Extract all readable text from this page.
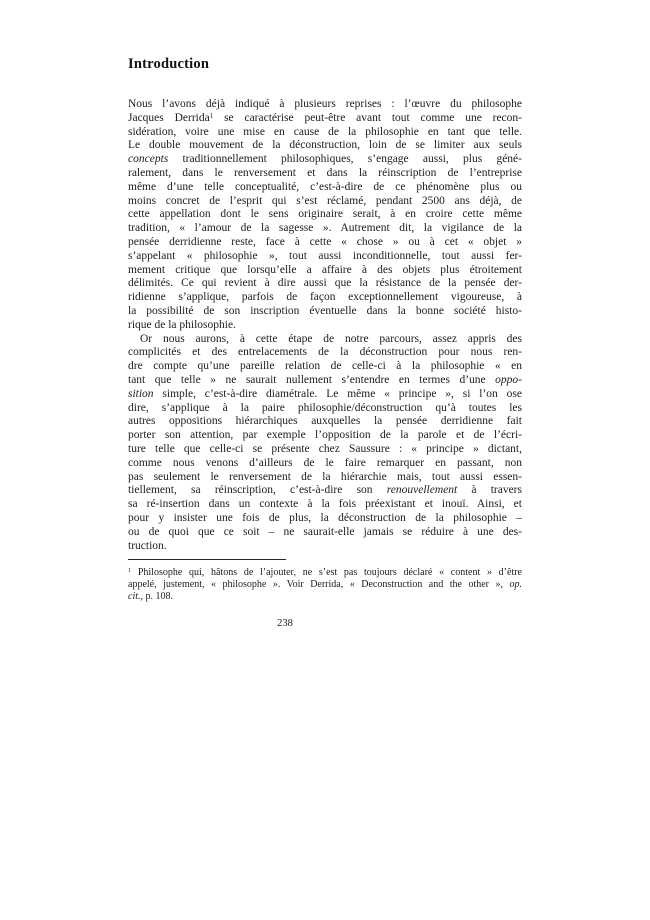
Introduction
Nous l’avons déjà indiqué à plusieurs reprises : l’œuvre du philosophe
Jacques Derrida$^1$ se caractérise peut-être avant tout comme une recon-
sidération, voire une mise en cause de la philosophie en tant que telle.
Le double mouvement de la déconstruction, loin de se limiter aux seuls
concepts traditionnellement philosophiques, s’engage aussi, plus géné-
ralement, dans le renversement et dans la réinscription de l’entreprise
même d’une telle conceptualité, c’est-à-dire de ce phénomène plus ou
moins concret de l’esprit qui s’est réclamé, pendant 2500 ans déjà, de
cette appellation dont le sens originaire serait, à en croire cette même
tradition, « l’amour de la sagesse ». Autrement dit, la vigilance de la
pensée derridienne reste, face à cette « chose » ou à cet « objet »
s’appelant « philosophie », tout aussi inconditionnelle, tout aussi fer-
mement critique que lorsqu’elle a affaire à des objets plus étroitement
délimités. Ce qui revient à dire aussi que la résistance de la pensée der-
ridienne s’applique, parfois de façon exceptionnellement vigoureuse, à
la possibilité de son inscription éventuelle dans la bonne société histo-
rique de la philosophie.
Or nous aurons, à cette étape de notre parcours, assez appris des
complicités et des entrelacements de la déconstruction pour nous ren-
dre compte qu’une pareille relation de celle-ci à la philosophie « en
tant que telle » ne saurait nullement s’entendre en termes d’une oppo-
sition simple, c’est-à-dire diamétrale. Le même « principe », si l’on ose
dire, s’applique à la paire philosophie/déconstruction qu’à toutes les
autres oppositions hiérarchiques auxquelles la pensée derridienne fait
porter son attention, par exemple l’opposition de la parole et de l’écri-
ture telle que celle-ci se présente chez Saussure : « principe » dictant,
comme nous venons d’ailleurs de le faire remarquer en passant, non
pas seulement le renversement de la hiérarchie mais, tout aussi essen-
tiellement, sa réinscription, c’est-à-dire son renouvellement à travers
sa ré-insertion dans un contexte à la fois préexistant et inouï. Ainsi, et
pour y insister une fois de plus, la déconstruction de la philosophie –
ou de quoi que ce soit – ne saurait-elle jamais se réduire à une des-
truction.
$^1$ Philosophe qui, hâtons de l’ajouter, ne s’est pas toujours déclaré « content » d’être
appelé, justement, « philosophe ». Voir Derrida, « Deconstruction and the other », op.
cit., p. 108.
238
